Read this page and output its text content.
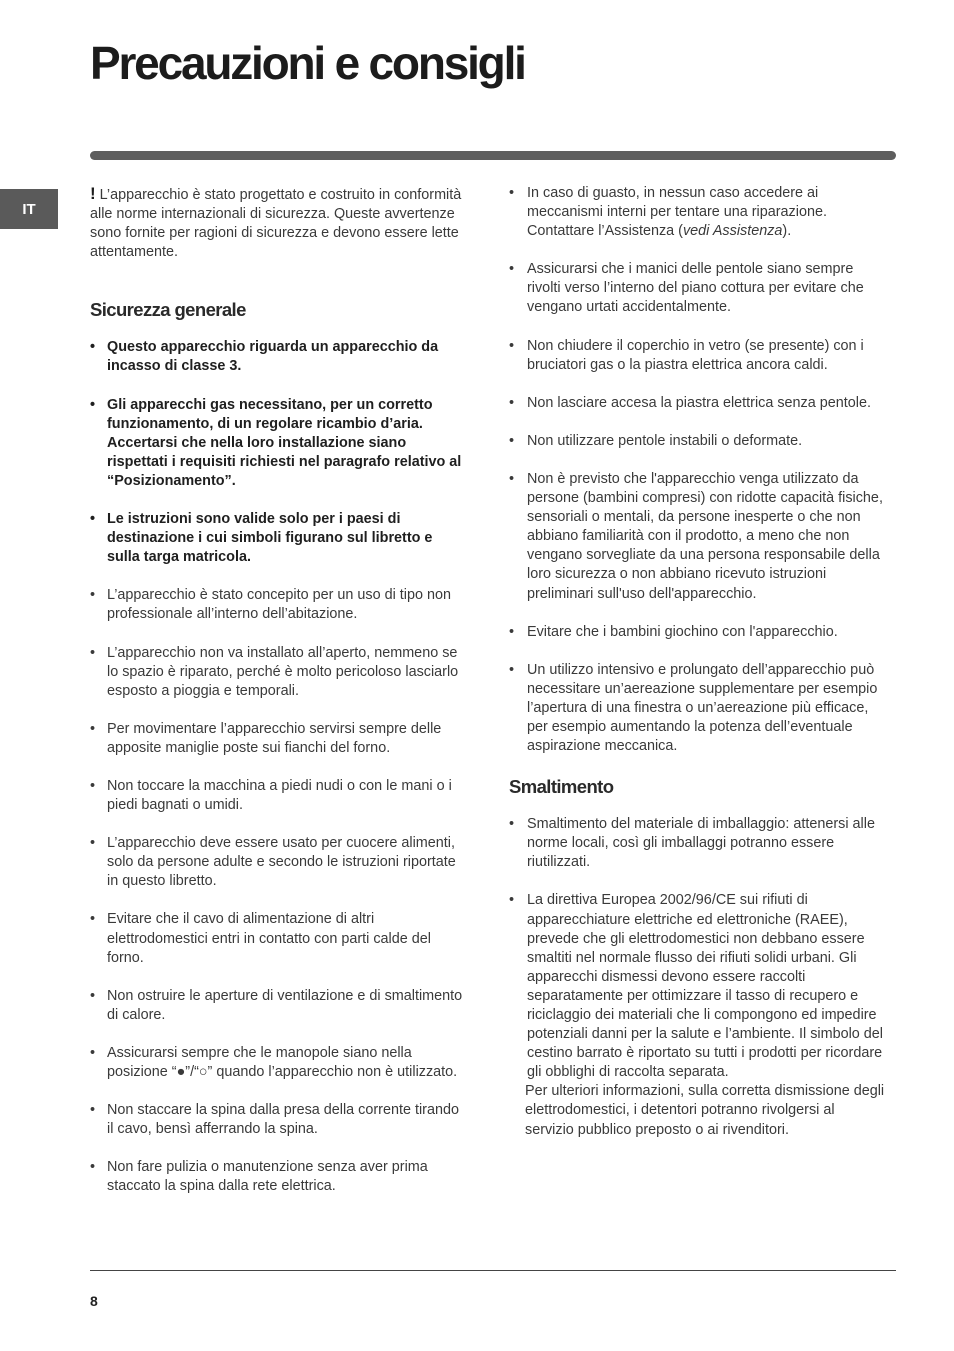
Precauzioni e consigli
IT

! L’apparecchio è stato progettato e costruito in conformità alle norme internazionali di sicurezza. Queste avvertenze sono fornite per ragioni di sicurezza e devono essere lette attentamente.

Sicurezza generale
• Questo apparecchio riguarda un apparecchio da incasso di classe 3.
• Gli apparecchi gas necessitano, per un corretto funzionamento, di un regolare ricambio d’aria. Accertarsi che nella loro installazione siano rispettati i requisiti richiesti nel paragrafo relativo al “Posizionamento”.
• Le istruzioni sono valide solo per i paesi di destinazione i cui simboli figurano sul libretto e sulla targa matricola.
• L’apparecchio è stato concepito per un uso di tipo non professionale all’interno dell’abitazione.
• L’apparecchio non va installato all’aperto, nemmeno se lo spazio è riparato, perché è molto pericoloso lasciarlo esposto a pioggia e temporali.
• Per movimentare l’apparecchio servirsi sempre delle apposite maniglie poste sui fianchi del forno.
• Non toccare la macchina a piedi nudi o con le mani o i piedi bagnati o umidi.
• L’apparecchio deve essere usato per cuocere alimenti, solo da persone adulte e secondo le istruzioni riportate in questo libretto.
• Evitare che il cavo di alimentazione di altri elettrodomestici entri in contatto con parti calde del forno.
• Non ostruire le aperture di ventilazione e di smaltimento di calore.
• Assicurarsi sempre che le manopole siano nella posizione “●”/“○” quando l’apparecchio non è utilizzato.
• Non staccare la spina dalla presa della corrente tirando il cavo, bensì afferrando la spina.
• Non fare pulizia o manutenzione senza aver prima staccato la spina dalla rete elettrica.
• In caso di guasto, in nessun caso accedere ai meccanismi interni per tentare una riparazione. Contattare l’Assistenza (vedi Assistenza).
• Assicurarsi che i manici delle pentole siano sempre rivolti verso l’interno del piano cottura per evitare che vengano urtati accidentalmente.
• Non chiudere il coperchio in vetro (se presente) con i bruciatori gas o la piastra elettrica ancora caldi.
• Non lasciare accesa la piastra elettrica senza pentole.
• Non utilizzare pentole instabili o deformate.
• Non è previsto che l'apparecchio venga utilizzato da persone (bambini compresi) con ridotte capacità fisiche, sensoriali o mentali, da persone inesperte o che non abbiano familiarità con il prodotto, a meno che non vengano sorvegliate da una persona responsabile della loro sicurezza o non abbiano ricevuto istruzioni preliminari sull'uso dell'apparecchio.
• Evitare che i bambini giochino con l'apparecchio.
• Un utilizzo intensivo e prolungato dell’apparecchio può necessitare un’aereazione supplementare per esempio l’apertura di una finestra o un’aereazione più efficace, per esempio aumentando la potenza dell’eventuale aspirazione meccanica.
Smaltimento
• Smaltimento del materiale di imballaggio: attenersi alle norme locali, così gli imballaggi potranno essere riutilizzati.
• La direttiva Europea 2002/96/CE sui rifiuti di apparecchiature elettriche ed elettroniche (RAEE), prevede che gli elettrodomestici non debbano essere smaltiti nel normale flusso dei rifiuti solidi urbani. Gli apparecchi dismessi devono essere raccolti separatamente per ottimizzare il tasso di recupero e riciclaggio dei materiali che li compongono ed impedire potenziali danni per la salute e l’ambiente. Il simbolo del cestino barrato è riportato su tutti i prodotti per ricordare gli obblighi di raccolta separata.
Per ulteriori informazioni, sulla corretta dismissione degli elettrodomestici, i detentori potranno rivolgersi al servizio pubblico preposto o ai rivenditori.
8
